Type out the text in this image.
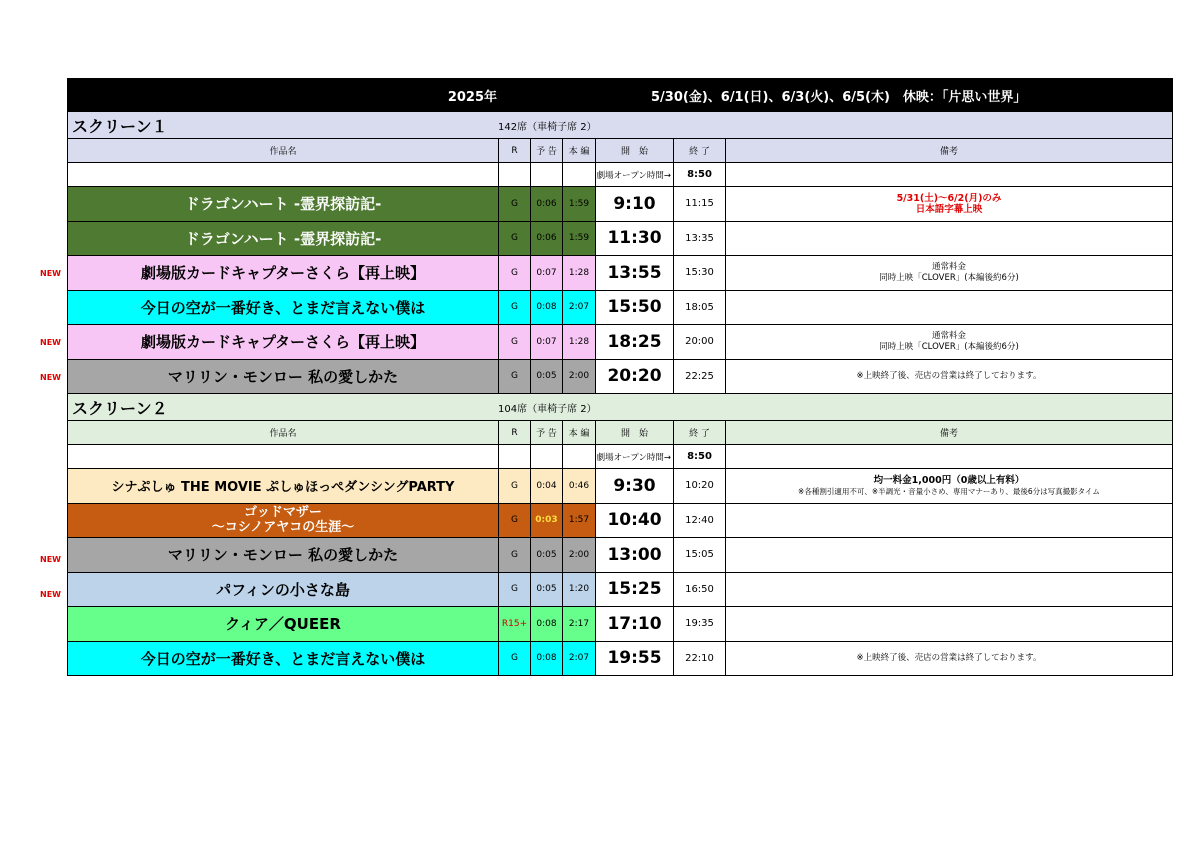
NEW
NEW
NEW
NEW
NEW
2025年	5/30(金)、6/1(日)、6/3(火)、6/5(木)　休映：「片思い世界」
スクリーン１	142席（車椅子席 2）
作品名	R	予 告	本 編	開　始	終 了	備考
				劇場オープン時間→	8:50	
ドラゴンハート -霊界探訪記-	G	0:06	1:59	9:10	11:15	5/31(土)～6/2(月)のみ
日本語字幕上映
ドラゴンハート -霊界探訪記-	G	0:06	1:59	11:30	13:35	
劇場版カードキャプターさくら【再上映】	G	0:07	1:28	13:55	15:30	通常料金
同時上映「CLOVER」(本編後約6分)
今日の空が一番好き、とまだ言えない僕は	G	0:08	2:07	15:50	18:05	
劇場版カードキャプターさくら【再上映】	G	0:07	1:28	18:25	20:00	通常料金
同時上映「CLOVER」(本編後約6分)
マリリン・モンロー 私の愛しかた	G	0:05	2:00	20:20	22:25	※上映終了後、売店の営業は終了しております。
スクリーン２	104席（車椅子席 2）
作品名	R	予 告	本 編	開　始	終 了	備考
				劇場オープン時間→	8:50	
シナぷしゅ THE MOVIE ぷしゅほっぺダンシングPARTY	G	0:04	0:46	9:30	10:20	均一料金1,000円（0歳以上有料）
※各種割引適用不可、※半調光・音量小さめ、専用マナーあり、最後6分は写真撮影タイム
ゴッドマザー
～コシノアヤコの生涯～	G	0:03	1:57	10:40	12:40	
マリリン・モンロー 私の愛しかた	G	0:05	2:00	13:00	15:05	
パフィンの小さな島	G	0:05	1:20	15:25	16:50	
クィア／QUEER	R15+	0:08	2:17	17:10	19:35	
今日の空が一番好き、とまだ言えない僕は	G	0:08	2:07	19:55	22:10	※上映終了後、売店の営業は終了しております。
